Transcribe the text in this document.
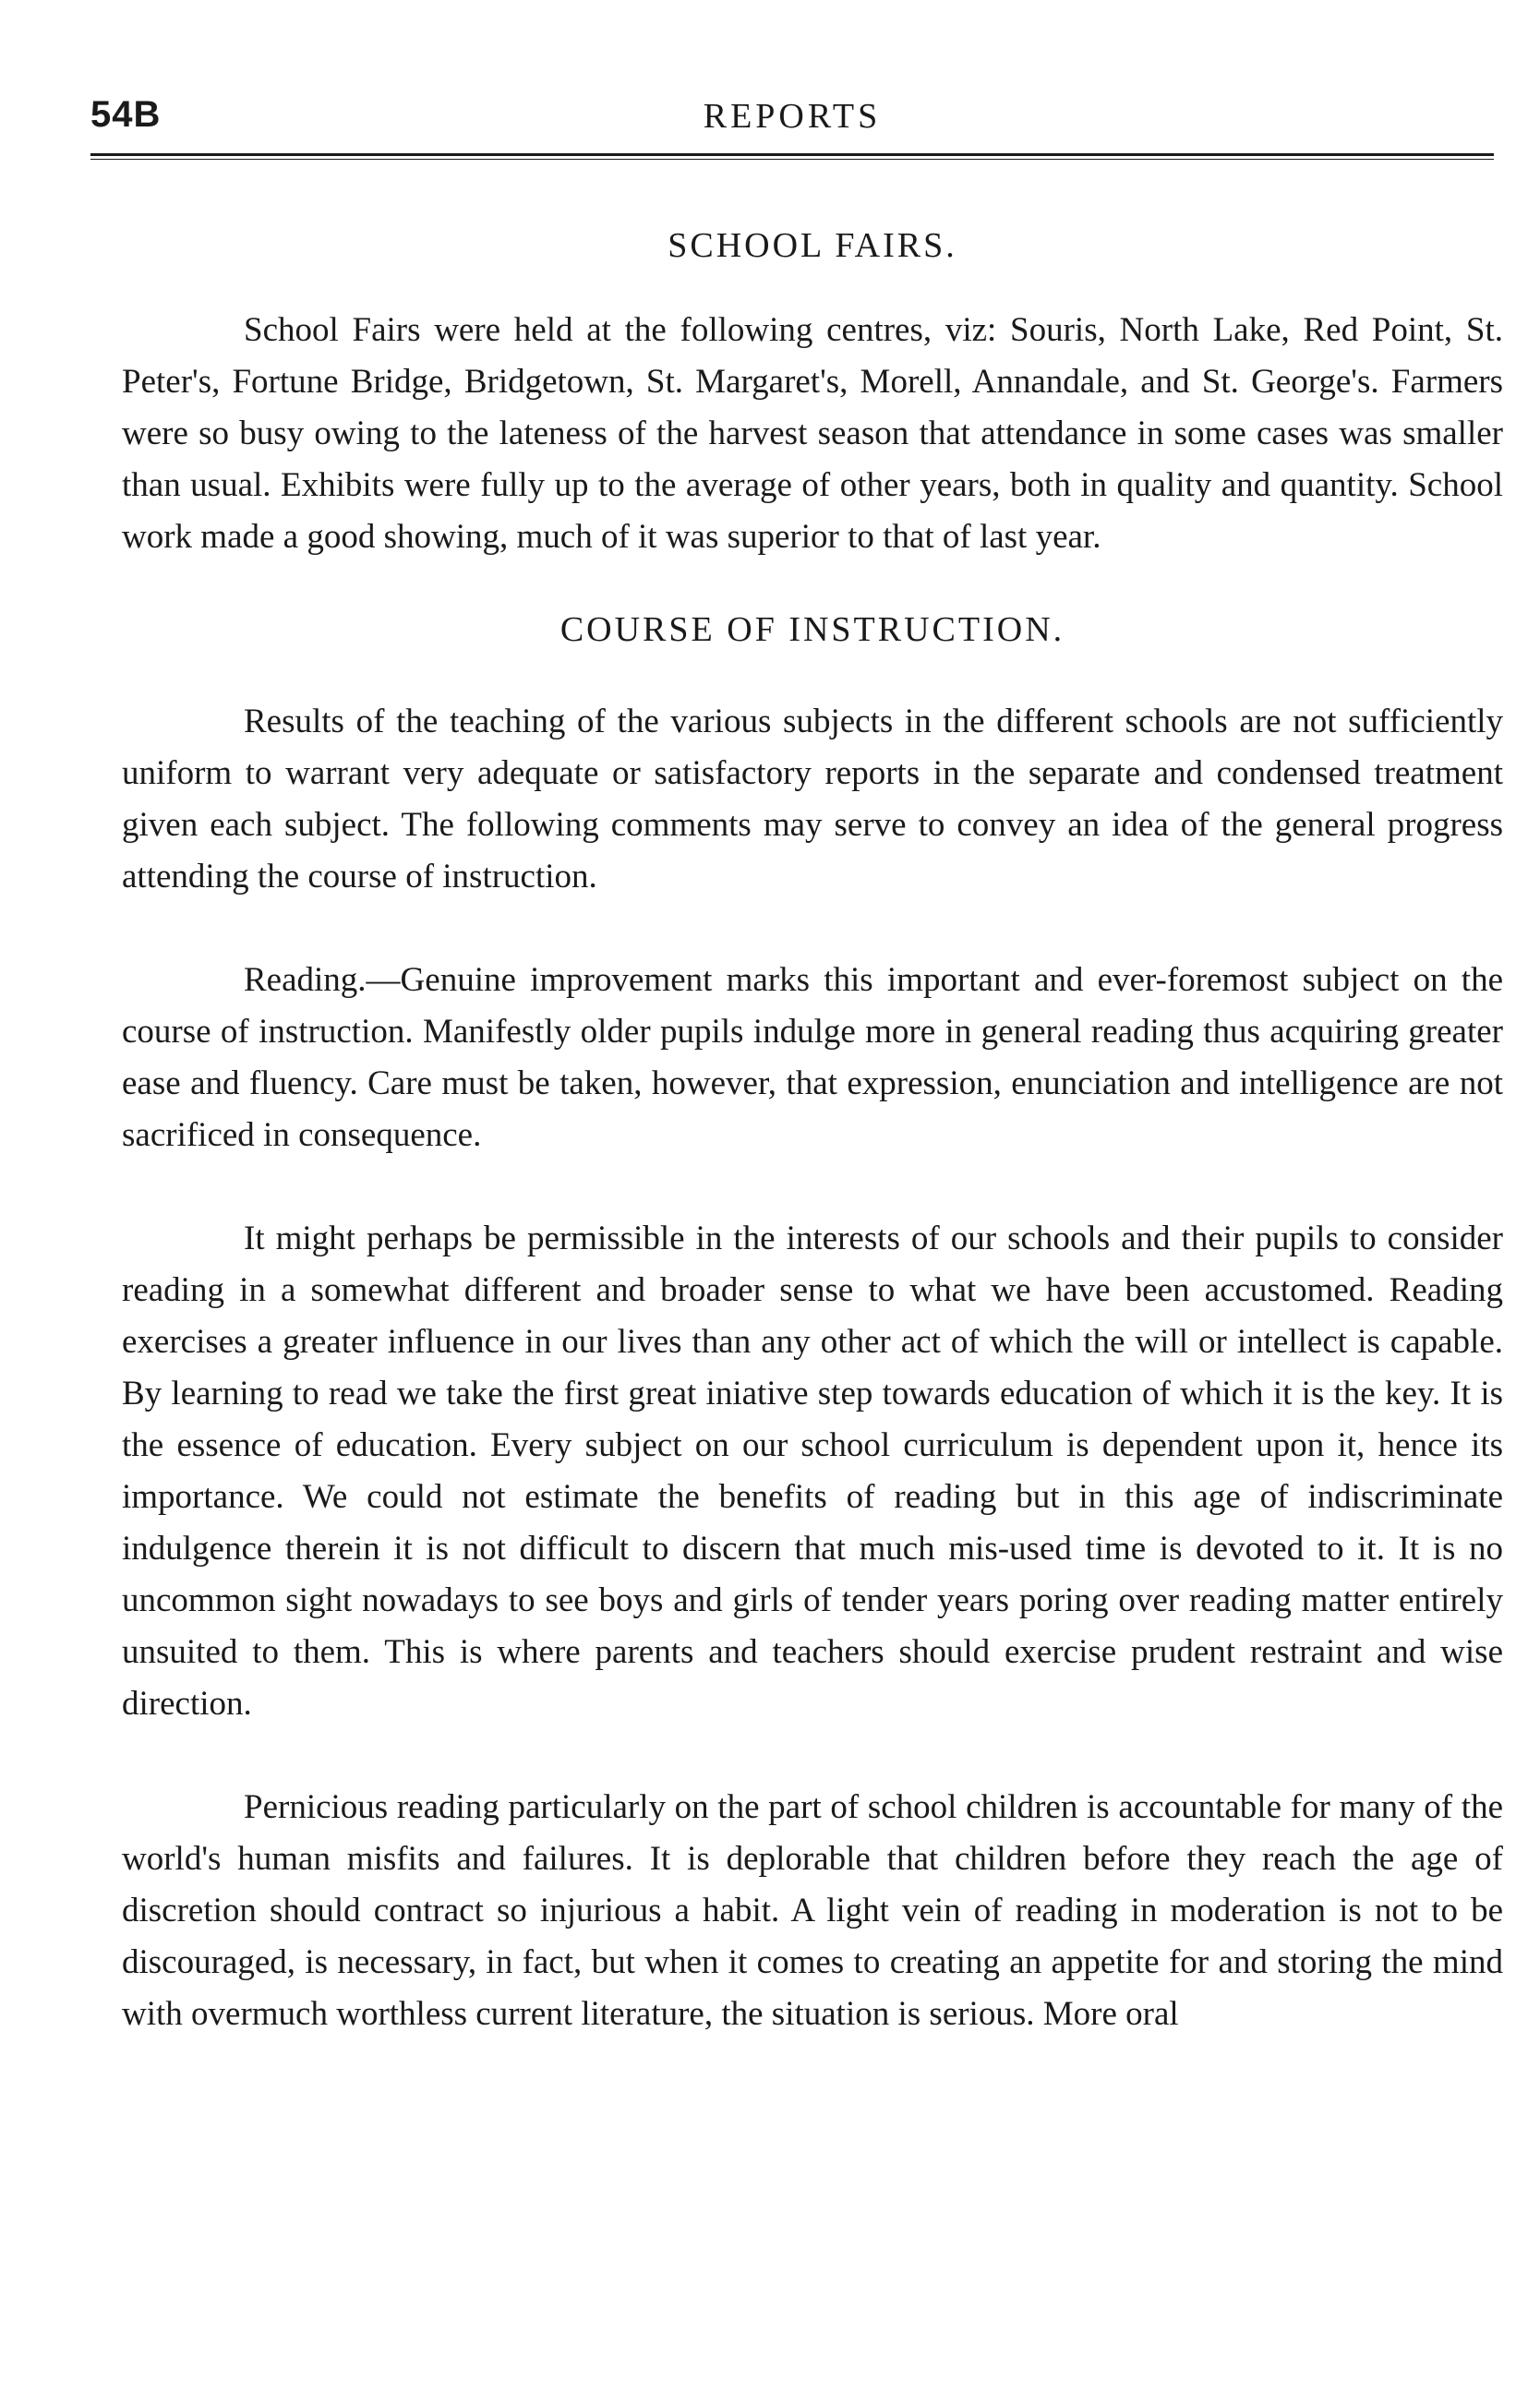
54B	REPORTS
SCHOOL FAIRS.

School Fairs were held at the following centres, viz: Souris, North Lake, Red Point, St. Peter's, Fortune Bridge, Bridgetown, St. Margaret's, Morell, Annandale, and St. George's. Farmers were so busy owing to the lateness of the harvest season that attendance in some cases was smaller than usual. Exhibits were fully up to the average of other years, both in quality and quantity. School work made a good showing, much of it was superior to that of last year.

COURSE OF INSTRUCTION.

Results of the teaching of the various subjects in the different schools are not sufficiently uniform to warrant very adequate or satisfactory reports in the separate and condensed treatment given each subject. The following comments may serve to convey an idea of the general progress attending the course of instruction.

Reading.—Genuine improvement marks this important and ever-foremost subject on the course of instruction. Manifestly older pupils indulge more in general reading thus acquiring greater ease and fluency. Care must be taken, however, that expression, enunciation and intelligence are not sacrificed in consequence.

It might perhaps be permissible in the interests of our schools and their pupils to consider reading in a somewhat different and broader sense to what we have been accustomed. Reading exercises a greater influence in our lives than any other act of which the will or intellect is capable. By learning to read we take the first great iniative step towards education of which it is the key. It is the essence of education. Every subject on our school curriculum is dependent upon it, hence its importance. We could not estimate the benefits of reading but in this age of indiscriminate indulgence therein it is not difficult to discern that much mis-used time is devoted to it. It is no uncommon sight nowadays to see boys and girls of tender years poring over reading matter entirely unsuited to them. This is where parents and teachers should exercise prudent restraint and wise direction.

Pernicious reading particularly on the part of school children is accountable for many of the world's human misfits and failures. It is deplorable that children before they reach the age of discretion should contract so injurious a habit. A light vein of reading in moderation is not to be discouraged, is necessary, in fact, but when it comes to creating an appetite for and storing the mind with overmuch worthless current literature, the situation is serious. More oral
